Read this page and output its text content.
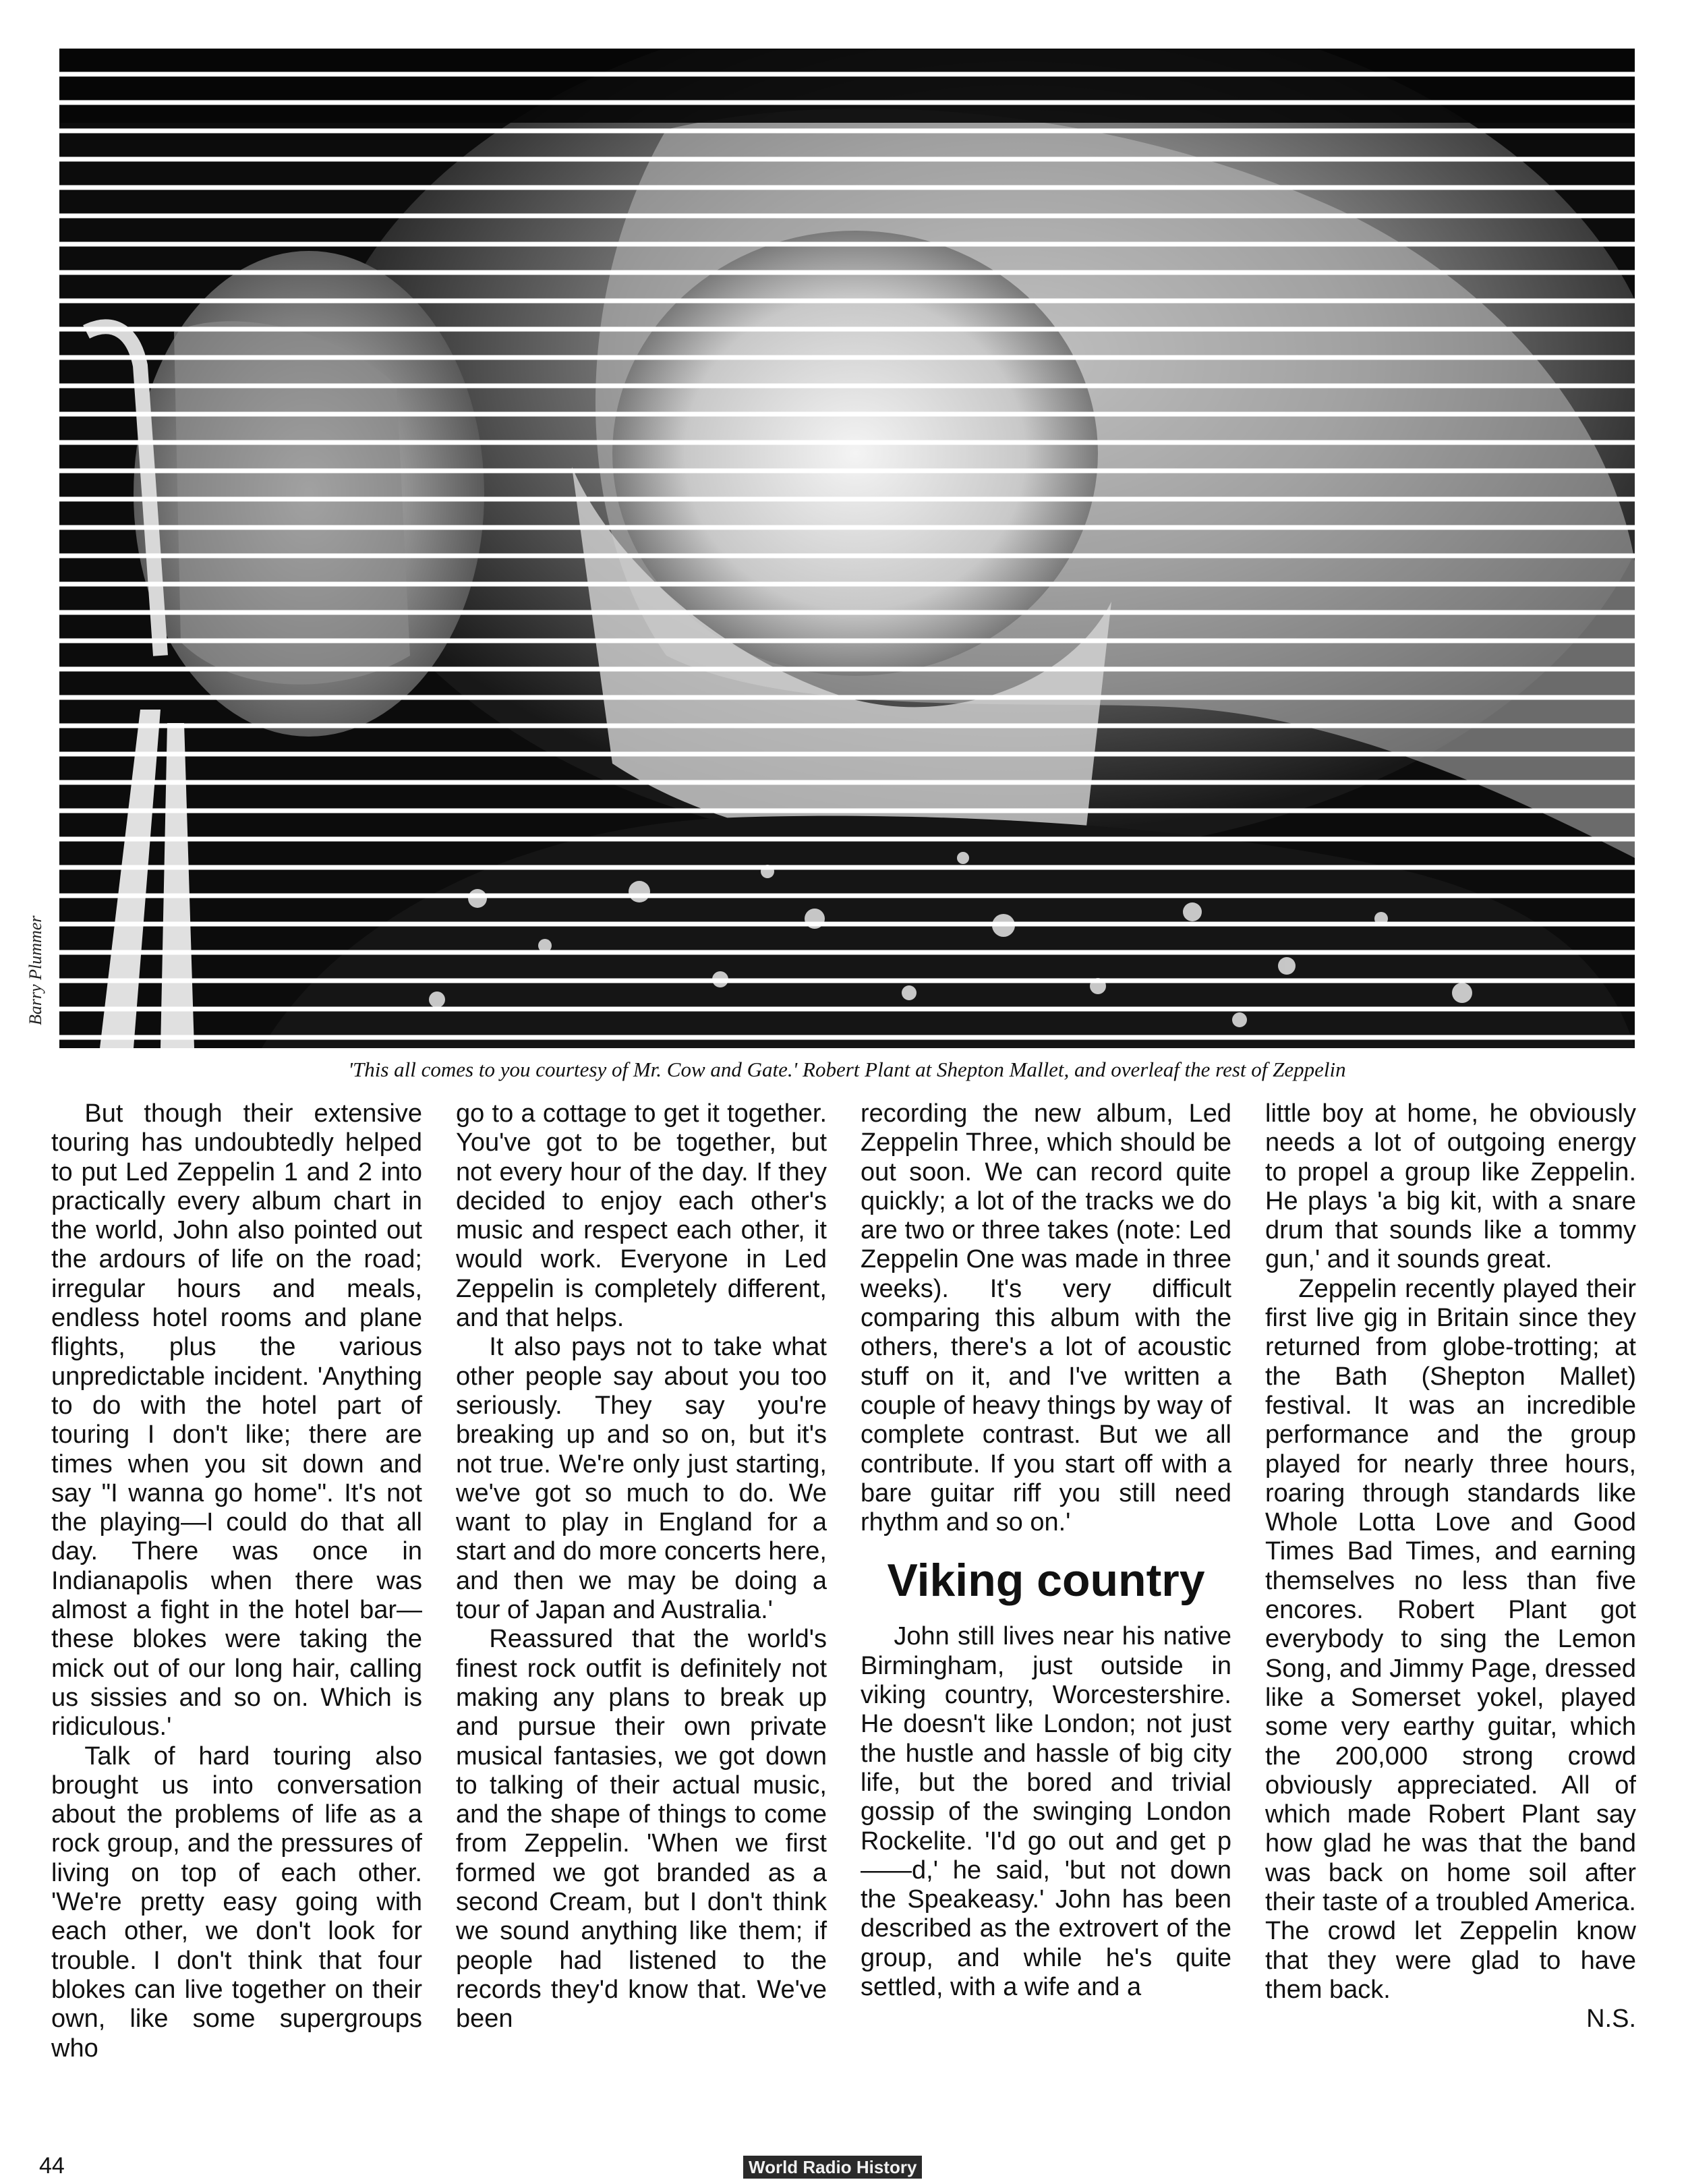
Barry Plummer
'This all comes to you courtesy of Mr. Cow and Gate.' Robert Plant at Shepton Mallet, and overleaf the rest of Zeppelin

But though their extensive touring has undoubtedly helped to put Led Zeppelin 1 and 2 into practically every album chart in the world, John also pointed out the ardours of life on the road; irregular hours and meals, endless hotel rooms and plane flights, plus the various unpredictable incident. 'Anything to do with the hotel part of touring I don't like; there are times when you sit down and say "I wanna go home". It's not the playing—I could do that all day. There was once in Indianapolis when there was almost a fight in the hotel bar—these blokes were taking the mick out of our long hair, calling us sissies and so on. Which is ridiculous.'

Talk of hard touring also brought us into conversation about the problems of life as a rock group, and the pressures of living on top of each other. 'We're pretty easy going with each other, we don't look for trouble. I don't think that four blokes can live together on their own, like some supergroups who

go to a cottage to get it together. You've got to be together, but not every hour of the day. If they decided to enjoy each other's music and respect each other, it would work. Everyone in Led Zeppelin is completely different, and that helps.

It also pays not to take what other people say about you too seriously. They say you're breaking up and so on, but it's not true. We're only just starting, we've got so much to do. We want to play in England for a start and do more concerts here, and then we may be doing a tour of Japan and Australia.'

Reassured that the world's finest rock outfit is definitely not making any plans to break up and pursue their own private musical fantasies, we got down to talking of their actual music, and the shape of things to come from Zeppelin. 'When we first formed we got branded as a second Cream, but I don't think we sound anything like them; if people had listened to the records they'd know that. We've been

recording the new album, Led Zeppelin Three, which should be out soon. We can record quite quickly; a lot of the tracks we do are two or three takes (note: Led Zeppelin One was made in three weeks). It's very difficult comparing this album with the others, there's a lot of acoustic stuff on it, and I've written a couple of heavy things by way of complete contrast. But we all contribute. If you start off with a bare guitar riff you still need rhythm and so on.'

Viking country

John still lives near his native Birmingham, just outside in viking country, Worcestershire. He doesn't like London; not just the hustle and hassle of big city life, but the bored and trivial gossip of the swinging London Rockelite. 'I'd go out and get p——d,' he said, 'but not down the Speakeasy.' John has been described as the extrovert of the group, and while he's quite settled, with a wife and a

little boy at home, he obviously needs a lot of outgoing energy to propel a group like Zeppelin. He plays 'a big kit, with a snare drum that sounds like a tommy gun,' and it sounds great.

Zeppelin recently played their first live gig in Britain since they returned from globe-trotting; at the Bath (Shepton Mallet) festival. It was an incredible performance and the group played for nearly three hours, roaring through standards like Whole Lotta Love and Good Times Bad Times, and earning themselves no less than five encores. Robert Plant got everybody to sing the Lemon Song, and Jimmy Page, dressed like a Somerset yokel, played some very earthy guitar, which the 200,000 strong crowd obviously appreciated. All of which made Robert Plant say how glad he was that the band was back on home soil after their taste of a troubled America. The crowd let Zeppelin know that they were glad to have them back.

N.S.

44	World Radio History
